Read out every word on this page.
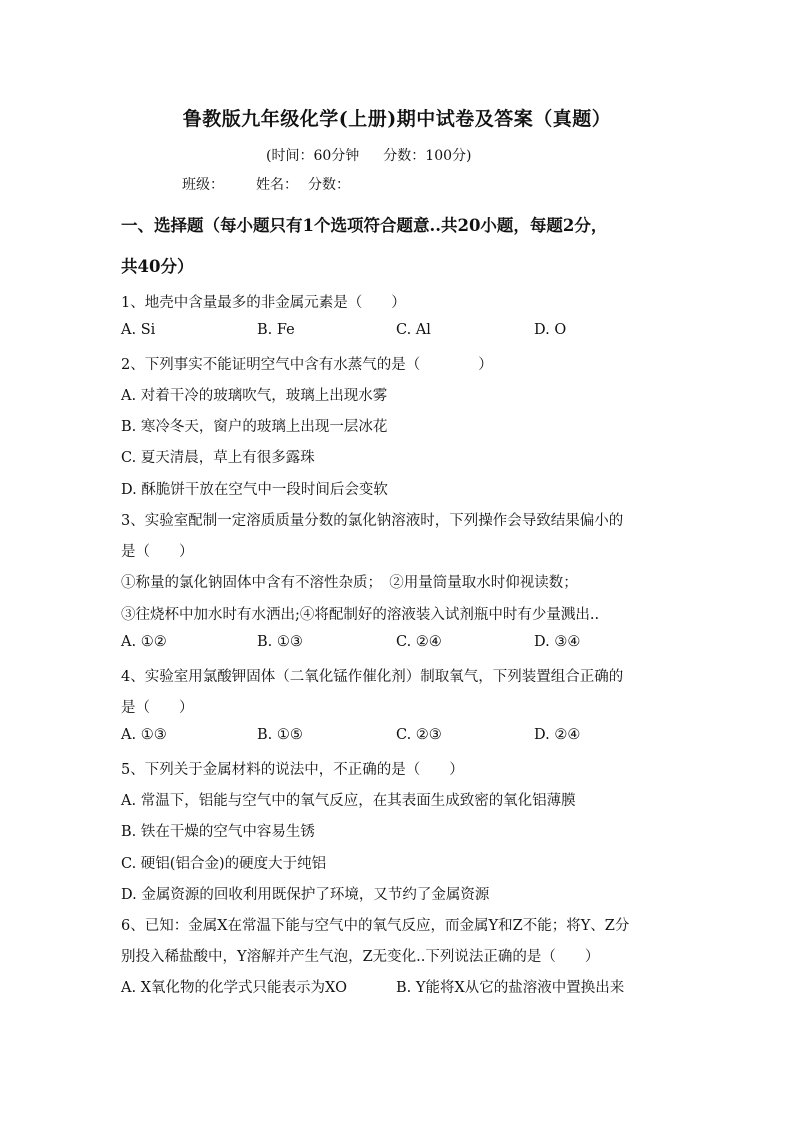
鲁教版九年级化学(上册)期中试卷及答案（真题）
(时间：60分钟 分数：100分)
班级： 姓名： 分数：
一、选择题（每小题只有1个选项符合题意..共20小题，每题2分，
共40分）
1、地壳中含量最多的非金属元素是（　　）
A. Si	B. Fe	C. Al	D. O
2、下列事实不能证明空气中含有水蒸气的是（　　　　）
A. 对着干冷的玻璃吹气，玻璃上出现水雾
B. 寒冷冬天，窗户的玻璃上出现一层冰花
C. 夏天清晨，草上有很多露珠
D. 酥脆饼干放在空气中一段时间后会变软
3、实验室配制一定溶质质量分数的氯化钠溶液时，下列操作会导致结果偏小的
是（　　）
①称量的氯化钠固体中含有不溶性杂质；　②用量筒量取水时仰视读数；
③往烧杯中加水时有水洒出;④将配制好的溶液装入试剂瓶中时有少量溅出..
A. ①②	B. ①③	C. ②④	D. ③④
4、实验室用氯酸钾固体（二氧化锰作催化剂）制取氧气，下列装置组合正确的
是（　　）
A. ①③	B. ①⑤	C. ②③	D. ②④
5、下列关于金属材料的说法中，不正确的是（　　）
A. 常温下，铝能与空气中的氧气反应，在其表面生成致密的氧化铝薄膜
B. 铁在干燥的空气中容易生锈
C. 硬铝(铝合金)的硬度大于纯铝
D. 金属资源的回收利用既保护了环境，又节约了金属资源
6、已知：金属X在常温下能与空气中的氧气反应，而金属Y和Z不能；将Y、Z分
别投入稀盐酸中，Y溶解并产生气泡，Z无变化..下列说法正确的是（　　）
A. X氧化物的化学式只能表示为XO	B. Y能将X从它的盐溶液中置换出来
